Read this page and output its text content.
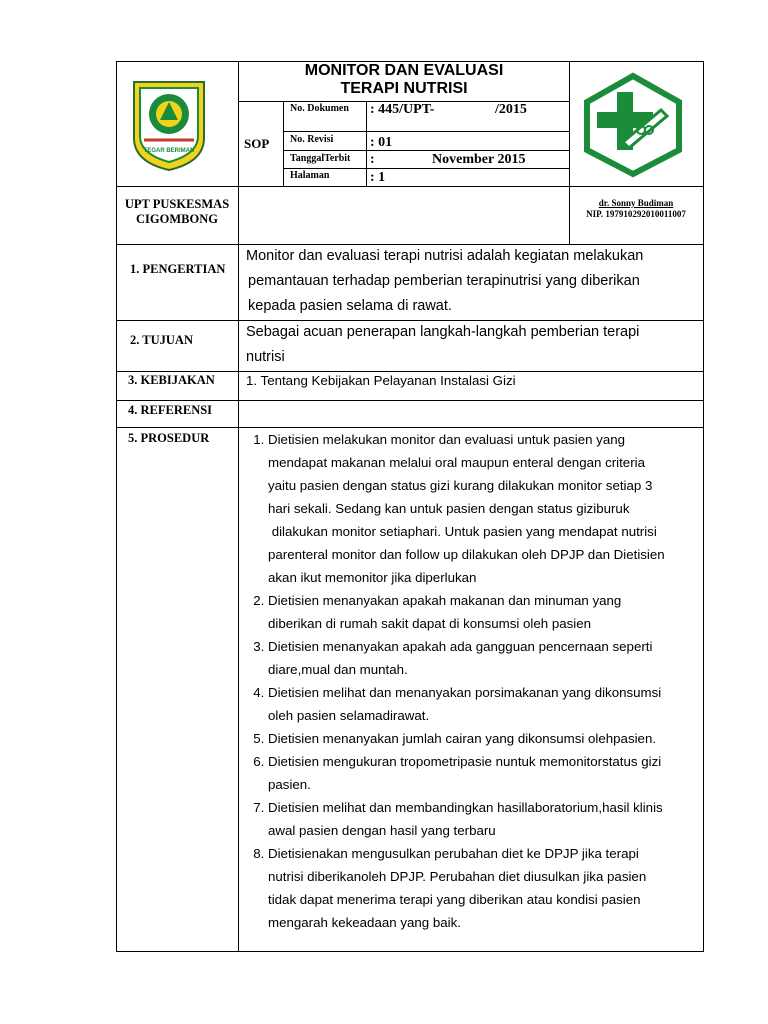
TEGAR BERIMAN
MONITOR DAN EVALUASI
TERAPI NUTRISI
SOP
No. Dokumen : 445/UPT-	/2015
No. Revisi	: 01
TanggalTerbit :	November 2015
Halaman	: 1
UPT PUSKESMAS
CIGOMBONG
dr. Sonny Budiman
NIP. 197910292010011007
1. PENGERTIAN
Monitor dan evaluasi terapi nutrisi adalah kegiatan melakukan
pemantauan terhadap pemberian terapinutrisi yang diberikan
kepada pasien selama di rawat.
2. TUJUAN	Sebagai acuan penerapan langkah-langkah pemberian terapi
nutrisi
3. KEBIJAKAN 1. Tentang Kebijakan Pelayanan Instalasi Gizi
4. REFERENSI
5. PROSEDUR
1.	Dietisien melakukan monitor dan evaluasi untuk pasien yang
mendapat makanan melalui oral maupun enteral dengan criteria
yaitu pasien dengan status gizi kurang dilakukan monitor setiap 3
hari sekali. Sedang kan untuk pasien dengan status giziburuk
dilakukan monitor setiaphari. Untuk pasien yang mendapat nutrisi
parenteral monitor dan follow up dilakukan oleh DPJP dan Dietisien
akan ikut memonitor jika diperlukan
2. Dietisien menanyakan apakah makanan dan minuman yang
diberikan di rumah sakit dapat di konsumsi oleh pasien
3. Dietisien menanyakan apakah ada gangguan pencernaan seperti
diare,mual dan muntah.
4. Dietisien melihat dan menanyakan porsimakanan yang dikonsumsi
oleh pasien selamadirawat.
5. Dietisien menanyakan jumlah cairan yang dikonsumsi olehpasien.
6. Dietisien mengukuran tropometripasie nuntuk memonitorstatus gizi
pasien.
7. Dietisien melihat dan membandingkan hasillaboratorium,hasil klinis
awal pasien dengan hasil yang terbaru
8. Dietisienakan mengusulkan perubahan diet ke DPJP jika terapi
nutrisi diberikanoleh DPJP. Perubahan diet diusulkan jika pasien
tidak dapat menerima terapi yang diberikan atau kondisi pasien
mengarah kekeadaan yang baik.
